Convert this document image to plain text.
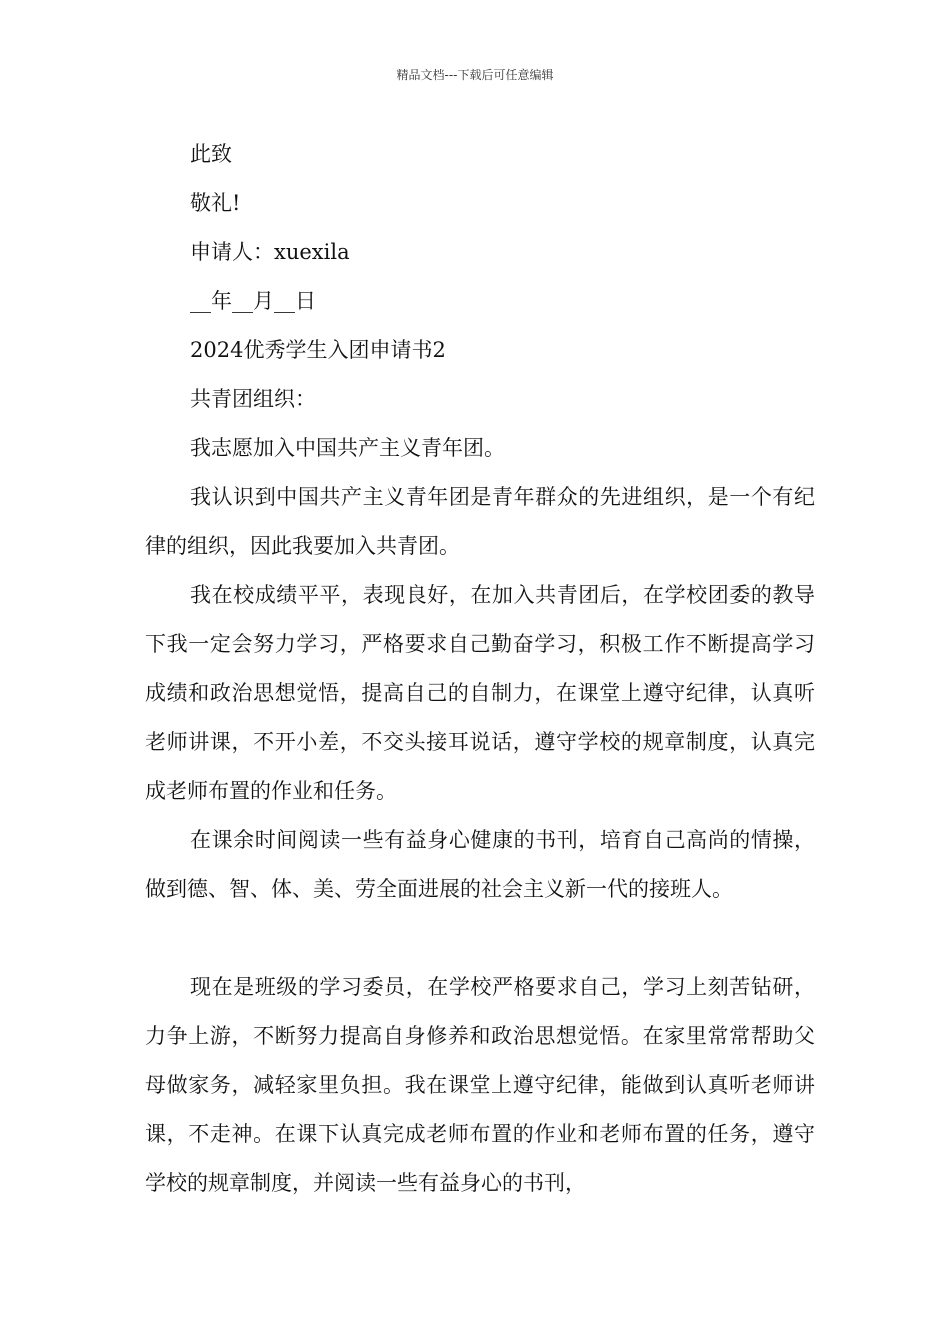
精品文档---下载后可任意编辑
此致
敬礼!
申请人：xuexila
__年__月__日
2024优秀学生入团申请书2
共青团组织：
我志愿加入中国共产主义青年团。
我认识到中国共产主义青年团是青年群众的先进组织，是一个有纪律的组织，因此我要加入共青团。
我在校成绩平平，表现良好，在加入共青团后，在学校团委的教导下我一定会努力学习，严格要求自己勤奋学习，积极工作不断提高学习成绩和政治思想觉悟，提高自己的自制力，在课堂上遵守纪律，认真听老师讲课，不开小差，不交头接耳说话，遵守学校的规章制度，认真完成老师布置的作业和任务。
在课余时间阅读一些有益身心健康的书刊，培育自己高尚的情操，做到德、智、体、美、劳全面进展的社会主义新一代的接班人。
现在是班级的学习委员，在学校严格要求自己，学习上刻苦钻研，力争上游，不断努力提高自身修养和政治思想觉悟。在家里常常帮助父母做家务，减轻家里负担。我在课堂上遵守纪律，能做到认真听老师讲课，不走神。在课下认真完成老师布置的作业和老师布置的任务，遵守学校的规章制度，并阅读一些有益身心的书刊，
